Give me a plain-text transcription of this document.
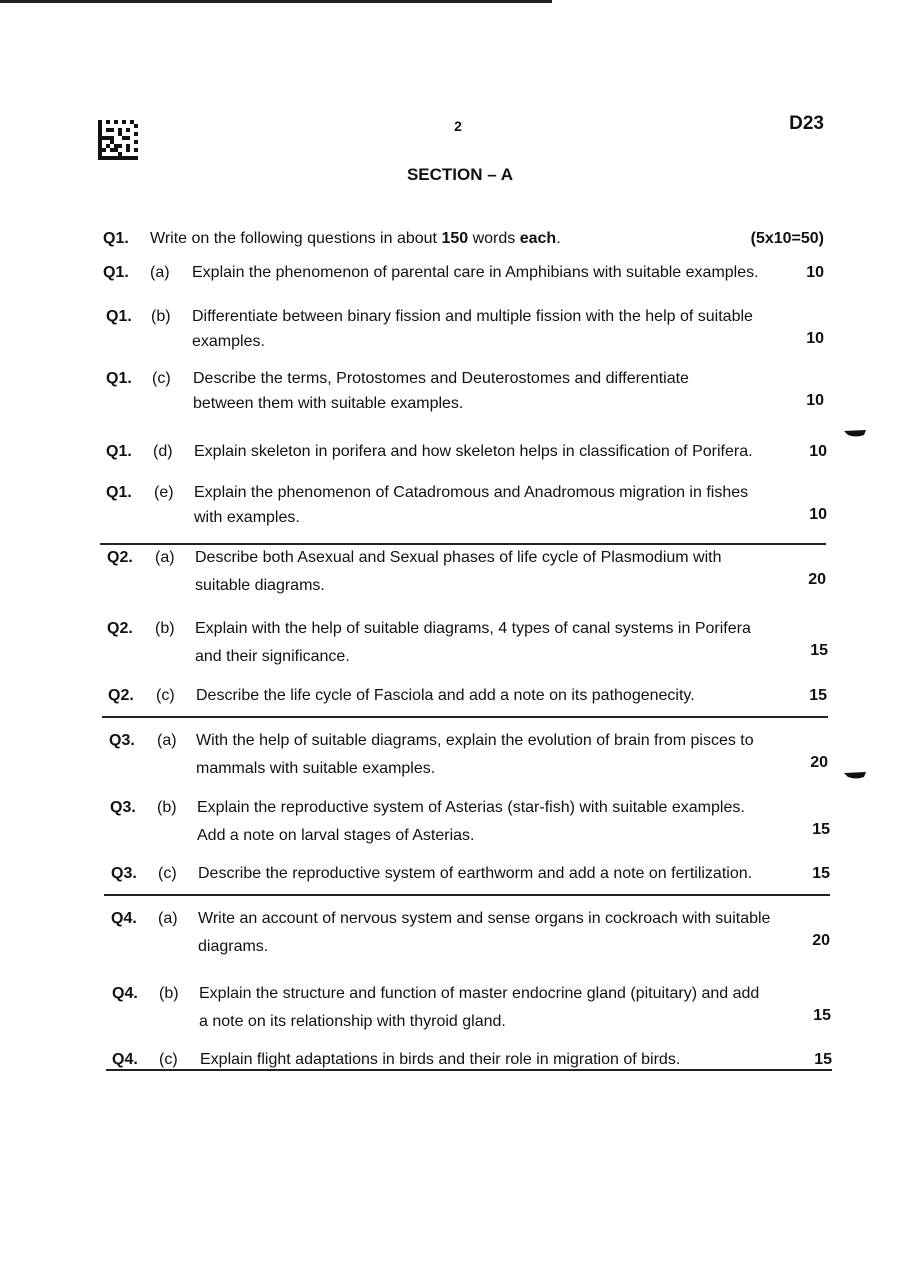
2	D23
SECTION – A
Q1. Write on the following questions in about 150 words each.	(5x10=50)
Q1. (a) Explain the phenomenon of parental care in Amphibians with suitable examples.	10
Q1. (b) Differentiate between binary fission and multiple fission with the help of suitable
examples.	10
Q1. (c) Describe the terms, Protostomes and Deuterostomes and differentiate
between them with suitable examples.	10
Q1. (d) Explain skeleton in porifera and how skeleton helps in classification of Porifera.	10
Q1. (e) Explain the phenomenon of Catadromous and Anadromous migration in fishes
with examples.	10
Q2. (a) Describe both Asexual and Sexual phases of life cycle of Plasmodium with
suitable diagrams.	20
Q2. (b) Explain with the help of suitable diagrams, 4 types of canal systems in Porifera
and their significance.	15
Q2. (c) Describe the life cycle of Fasciola and add a note on its pathogenecity.	15
Q3. (a) With the help of suitable diagrams, explain the evolution of brain from pisces to
mammals with suitable examples.	20
Q3. (b) Explain the reproductive system of Asterias (star-fish) with suitable examples.
Add a note on larval stages of Asterias.	15
Q3. (c) Describe the reproductive system of earthworm and add a note on fertilization.	15
Q4. (a) Write an account of nervous system and sense organs in cockroach with suitable
diagrams.	20
Q4. (b) Explain the structure and function of master endocrine gland (pituitary) and add
a note on its relationship with thyroid gland.	15
Q4. (c) Explain flight adaptations in birds and their role in migration of birds.	15
